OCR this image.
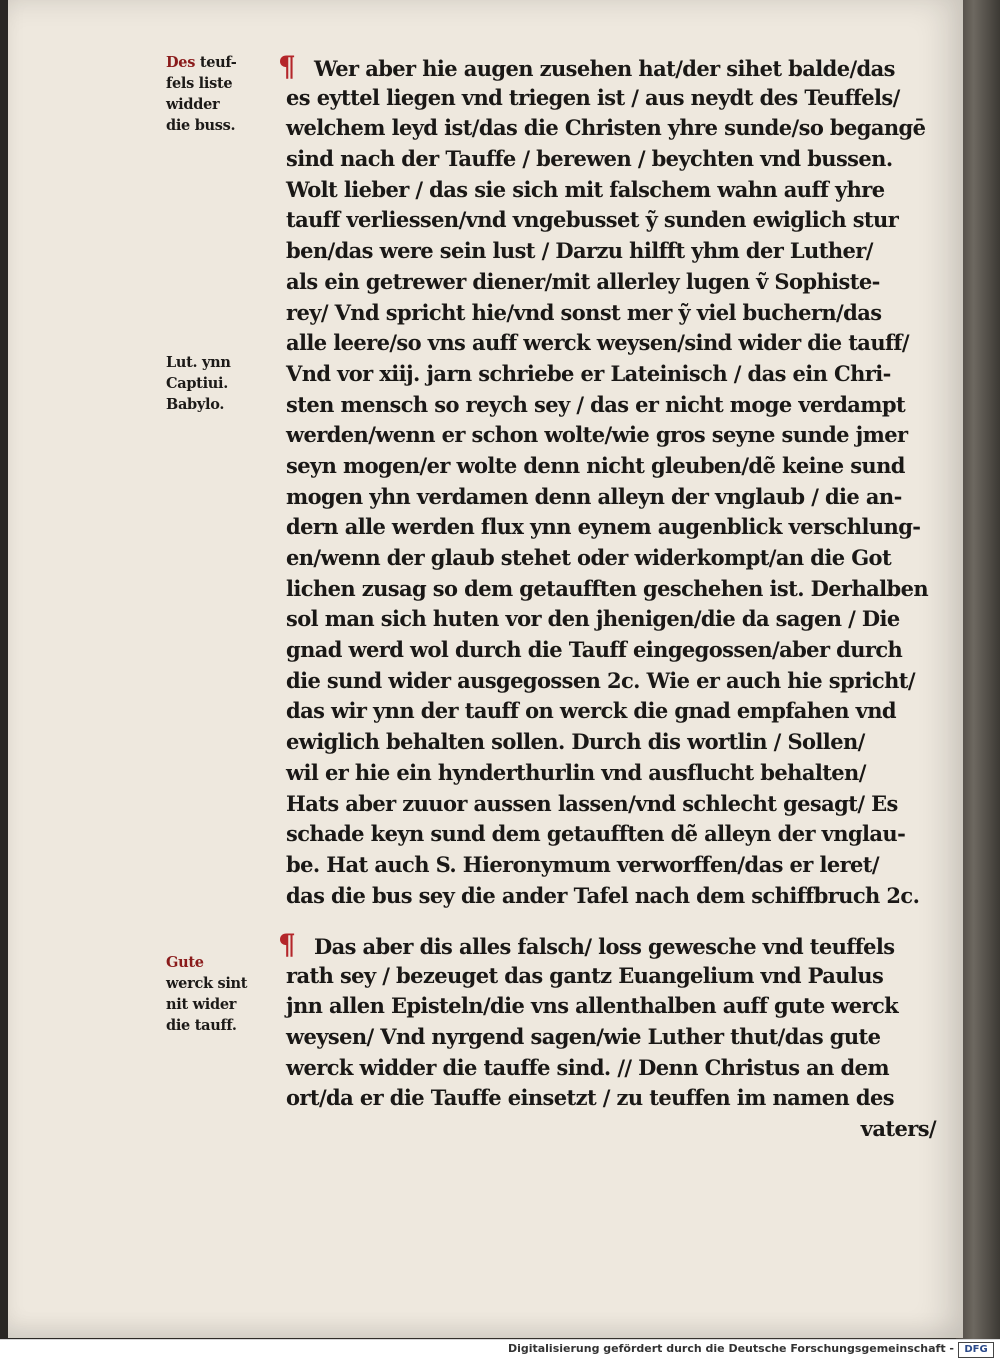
Des teuf-
fels liste
widder
die buss.
Lut. ynn
Captiui.
Babylo.
Gute
werck sint
nit wider
die tauff.
¶ Wer aber hie augen zusehen hat/der sihet balde/das
es eyttel liegen vnd triegen ist / aus neydt des Teuffels/
welchem leyd ist/das die Christen yhre sunde/so begangē
sind nach der Tauffe / berewen / beychten vnd bussen.
Wolt lieber / das sie sich mit falschem wahn auff yhre
tauff verliessen/vnd vngebusset ỹ sunden ewiglich stur
ben/das were sein lust / Darzu hilfft yhm der Luther/
als ein getrewer diener/mit allerley lugen ṽ Sophiste-
rey/ Vnd spricht hie/vnd sonst mer ỹ viel buchern/das
alle leere/so vns auff werck weysen/sind wider die tauff/
Vnd vor xiij. jarn schriebe er Lateinisch / das ein Chri-
sten mensch so reych sey / das er nicht moge verdampt
werden/wenn er schon wolte/wie gros seyne sunde jmer
seyn mogen/er wolte denn nicht gleuben/dẽ keine sund
mogen yhn verdamen denn alleyn der vnglaub / die an-
dern alle werden flux ynn eynem augenblick verschlung-
en/wenn der glaub stehet oder widerkompt/an die Got
lichen zusag so dem getaufften geschehen ist. Derhalben
sol man sich huten vor den jhenigen/die da sagen / Die
gnad werd wol durch die Tauff eingegossen/aber durch
die sund wider ausgegossen 2c. Wie er auch hie spricht/
das wir ynn der tauff on werck die gnad empfahen vnd
ewiglich behalten sollen. Durch dis wortlin / Sollen/
wil er hie ein hynderthurlin vnd ausflucht behalten/
Hats aber zuuor aussen lassen/vnd schlecht gesagt/ Es
schade keyn sund dem getaufften dẽ alleyn der vnglau-
be. Hat auch S. Hieronymum verworffen/das er leret/
das die bus sey die ander Tafel nach dem schiffbruch 2c.
¶ Das aber dis alles falsch/ loss gewesche vnd teuffels
rath sey / bezeuget das gantz Euangelium vnd Paulus
jnn allen Episteln/die vns allenthalben auff gute werck
weysen/ Vnd nyrgend sagen/wie Luther thut/das gute
werck widder die tauffe sind. // Denn Christus an dem
ort/da er die Tauffe einsetzt / zu teuffen im namen des
vaters/
Digitalisierung gefördert durch die Deutsche Forschungsgemeinschaft -	DFG
